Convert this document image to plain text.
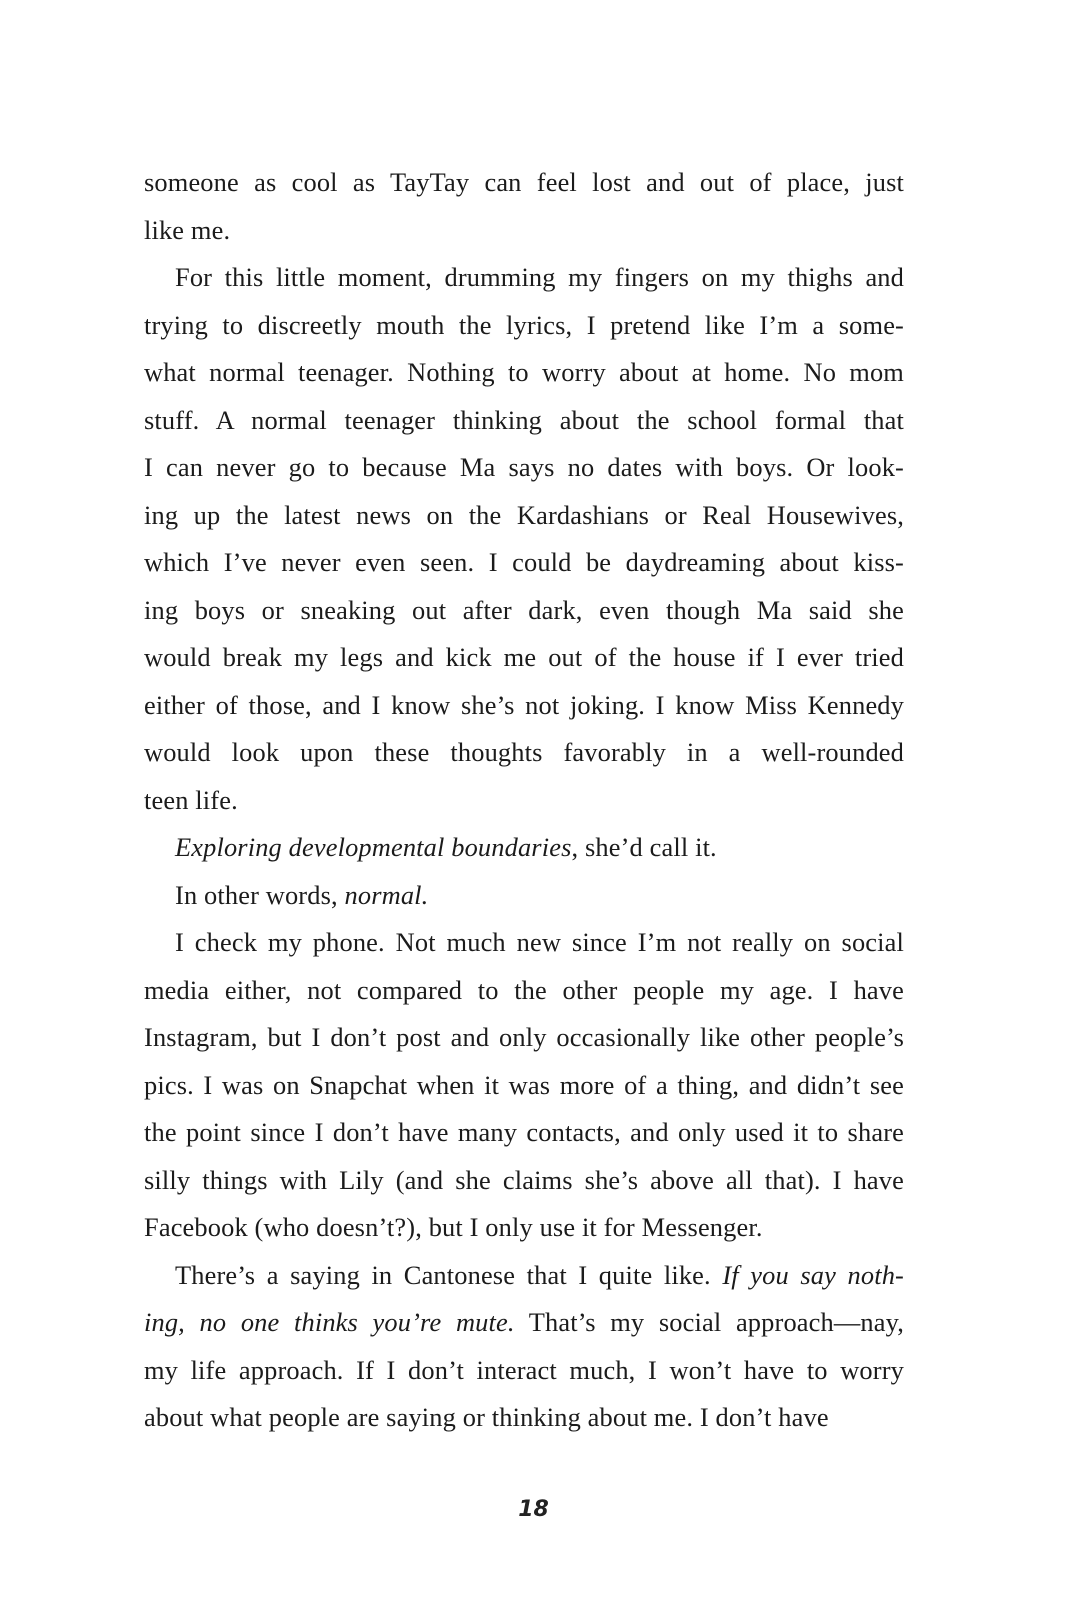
someone as cool as TayTay can feel lost and out of place, just
like me.
For this little moment, drumming my fingers on my thighs and
trying to discreetly mouth the lyrics, I pretend like I’m a some-
what normal teenager. Nothing to worry about at home. No mom
stuff. A normal teenager thinking about the school formal that
I can never go to because Ma says no dates with boys. Or look-
ing up the latest news on the Kardashians or Real Housewives,
which I’ve never even seen. I could be daydreaming about kiss-
ing boys or sneaking out after dark, even though Ma said she
would break my legs and kick me out of the house if I ever tried
either of those, and I know she’s not joking. I know Miss Kennedy
would look upon these thoughts favorably in a well-rounded
teen life.
Exploring developmental boundaries, she’d call it.
In other words, normal.
I check my phone. Not much new since I’m not really on social
media either, not compared to the other people my age. I have
Instagram, but I don’t post and only occasionally like other people’s
pics. I was on Snapchat when it was more of a thing, and didn’t see
the point since I don’t have many contacts, and only used it to share
silly things with Lily (and she claims she’s above all that). I have
Facebook (who doesn’t?), but I only use it for Messenger.
There’s a saying in Cantonese that I quite like. If you say noth-
ing, no one thinks you’re mute. That’s my social approach—nay,
my life approach. If I don’t interact much, I won’t have to worry
about what people are saying or thinking about me. I don’t have
18
